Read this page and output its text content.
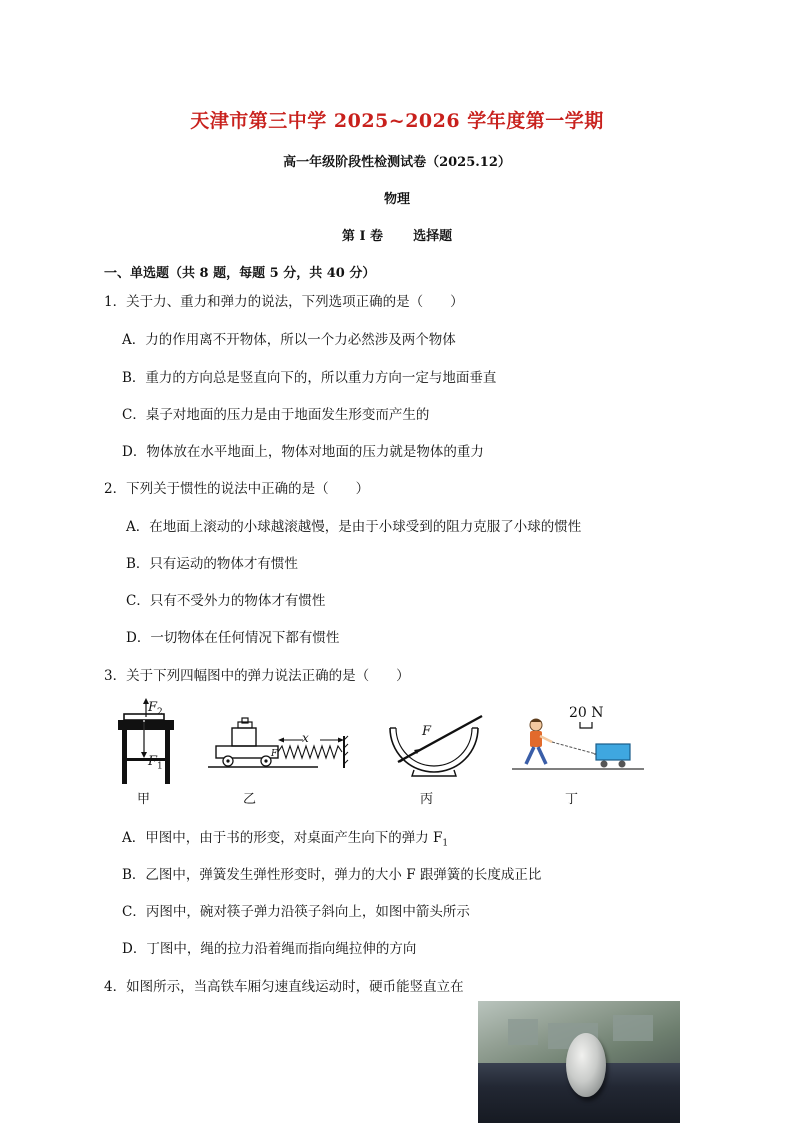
天津市第三中学 2025~2026 学年度第一学期
高一年级阶段性检测试卷（2025.12）
物理
第 I 卷 选择题
一、单选题（共 8 题，每题 5 分，共 40 分）
1．关于力、重力和弹力的说法，下列选项正确的是（　　）
A．力的作用离不开物体，所以一个力必然涉及两个物体
B．重力的方向总是竖直向下的，所以重力方向一定与地面垂直
C．桌子对地面的压力是由于地面发生形变而产生的
D．物体放在水平地面上，物体对地面的压力就是物体的重力
2．下列关于惯性的说法中正确的是（　　）
A．在地面上滚动的小球越滚越慢，是由于小球受到的阻力克服了小球的惯性
B．只有运动的物体才有惯性
C．只有不受外力的物体才有惯性
D．一切物体在任何情况下都有惯性
3．关于下列四幅图中的弹力说法正确的是（　　）
$F_2$
$F_1$
甲
x
F
乙
F
丙
20 N
丁
A．甲图中，由于书的形变，对桌面产生向下的弹力 $F_1$
B．乙图中，弹簧发生弹性形变时，弹力的大小 F 跟弹簧的长度成正比
C．丙图中，碗对筷子弹力沿筷子斜向上，如图中箭头所示
D．丁图中，绳的拉力沿着绳而指向绳拉伸的方向
4．如图所示，当高铁车厢匀速直线运动时，硬币能竖直立在
